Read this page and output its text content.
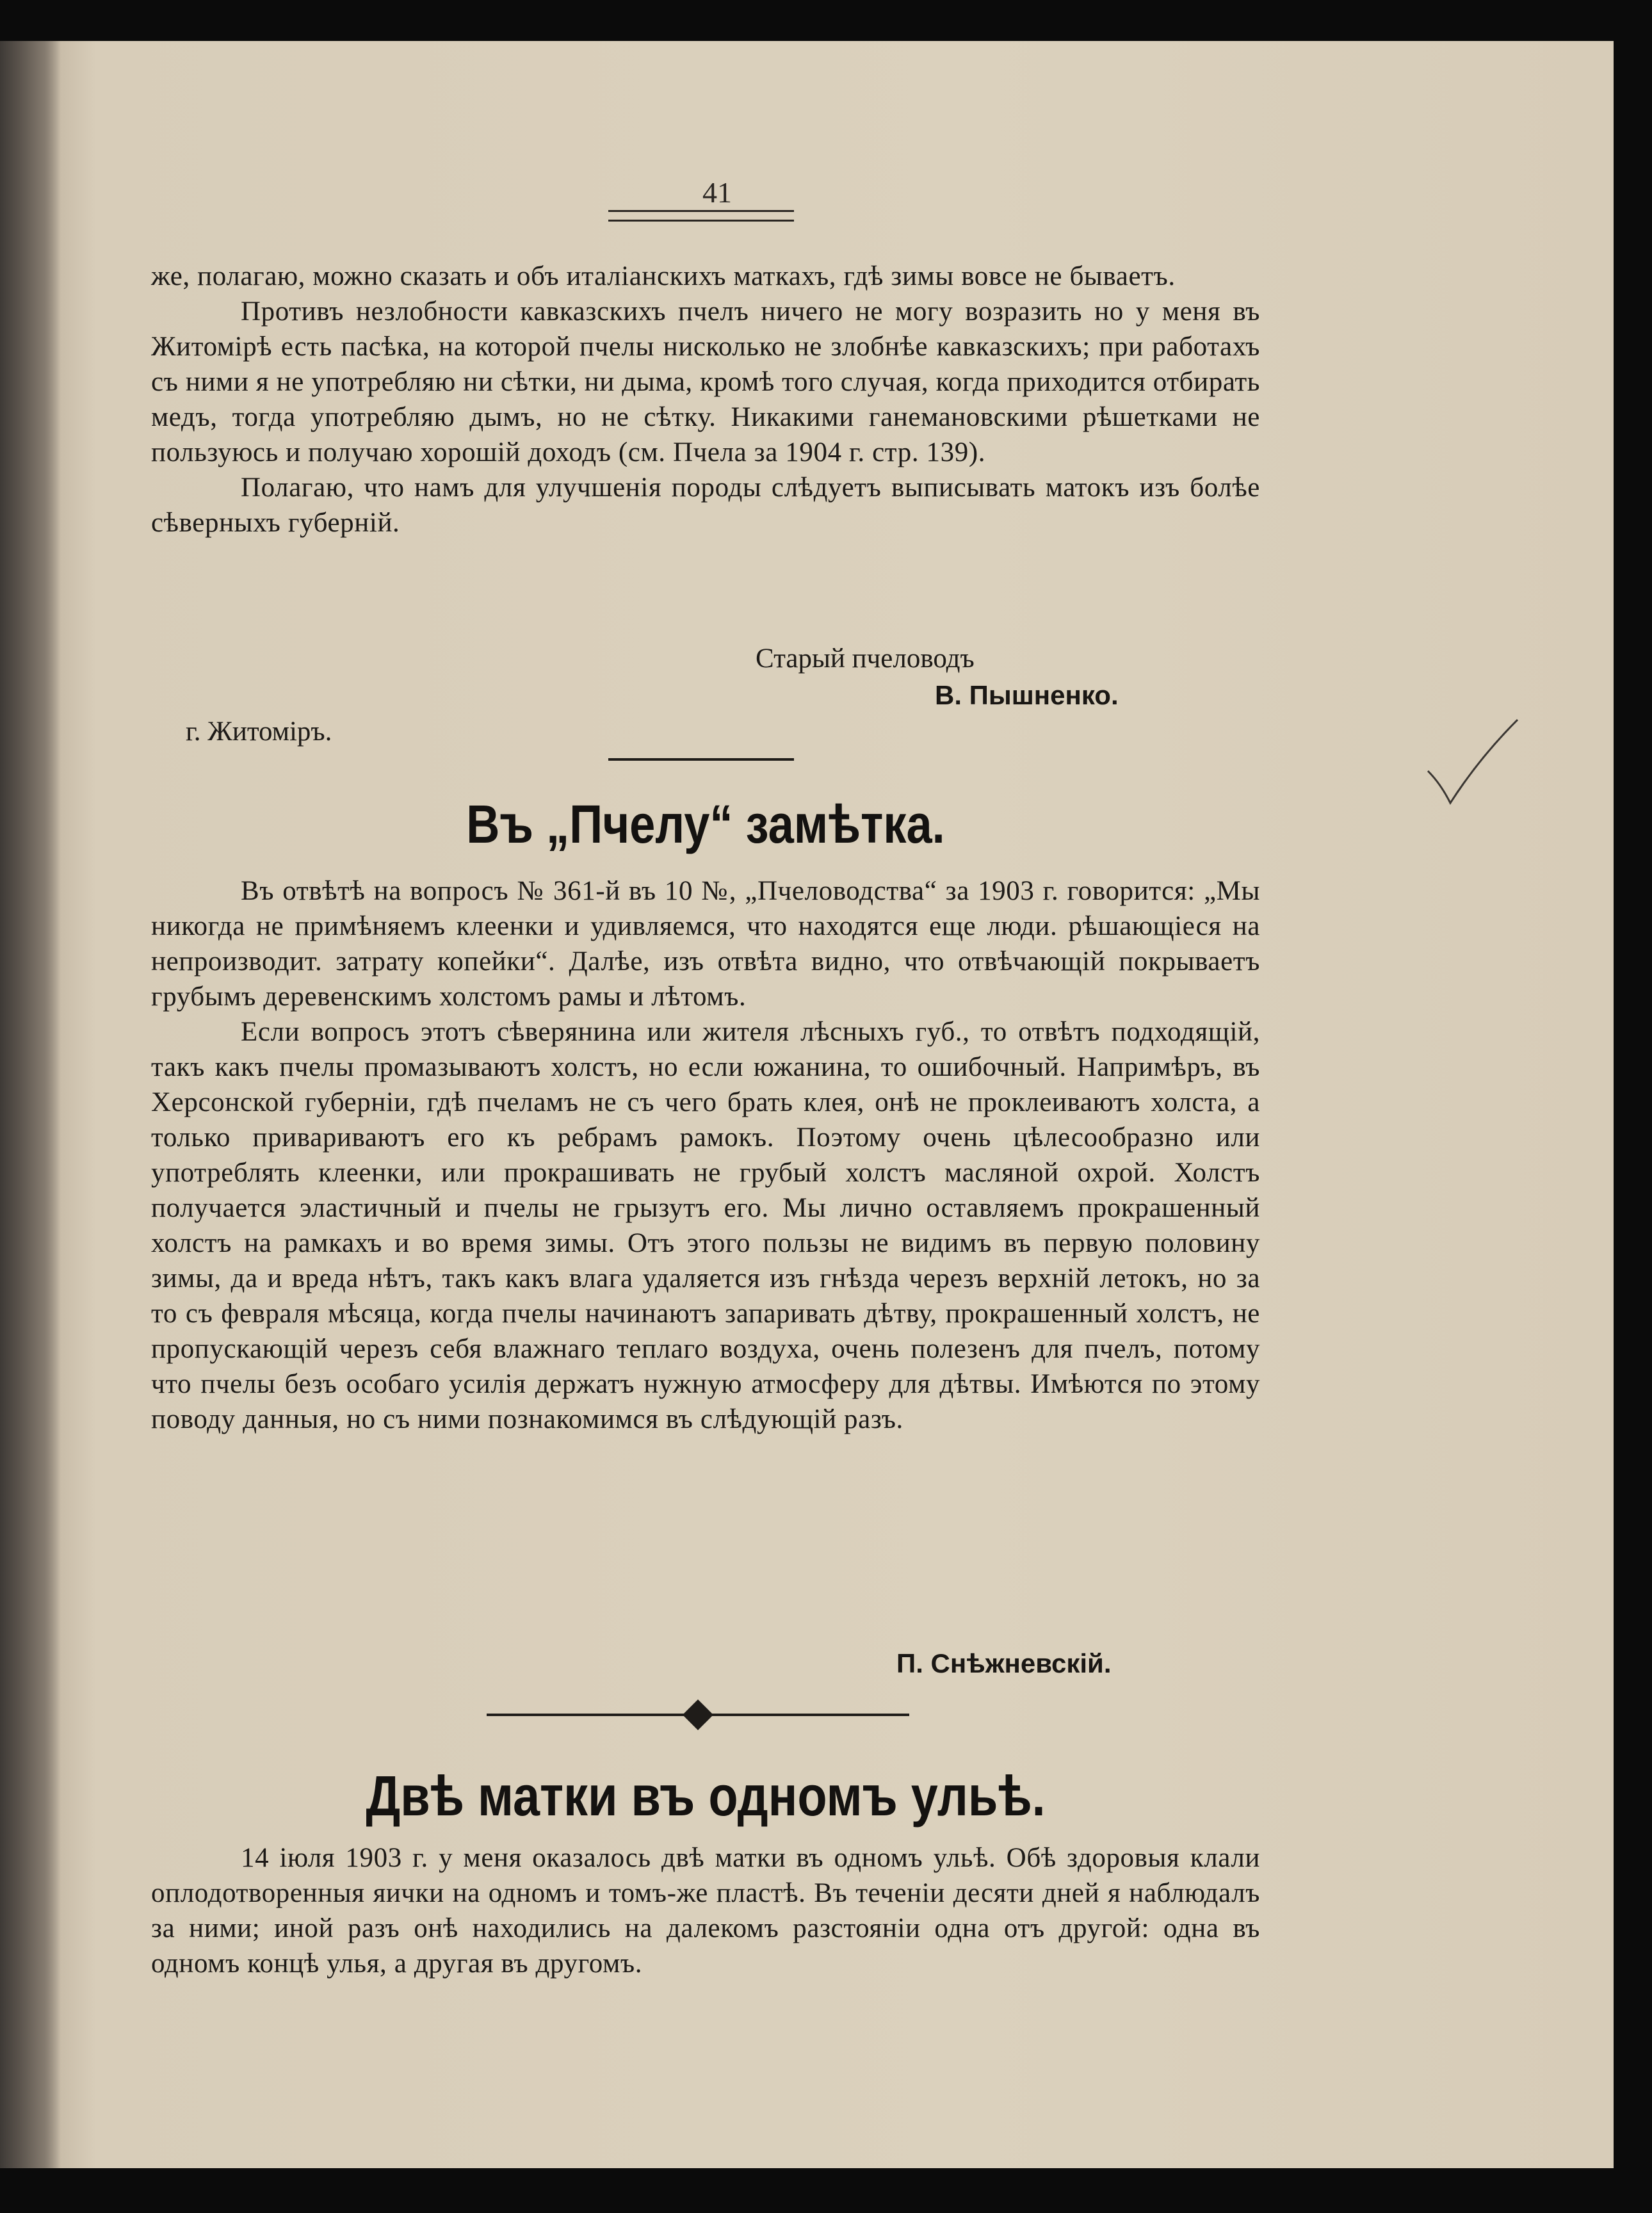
41

же, полагаю, можно сказать и объ италіанскихъ маткахъ, гдѣ зимы вовсе не бываетъ.

Противъ незлобности кавказскихъ пчелъ ничего не могу возразить но у меня въ Житомірѣ есть пасѣка, на которой пчелы нисколько не злобнѣе кавказскихъ; при работахъ съ ними я не употребляю ни сѣтки, ни дыма, кромѣ того случая, когда приходится отбирать медъ, тогда употребляю дымъ, но не сѣтку. Никакими ганемановскими рѣшетками не пользуюсь и получаю хорошій доходъ (см. Пчела за 1904 г. стр. 139).

Полагаю, что намъ для улучшенія породы слѣдуетъ выписывать матокъ изъ болѣе сѣверныхъ губерній.

Старый пчеловодъ
В. Пышненко.
г. Житоміръ.
Въ „Пчелу“ замѣтка.

Въ отвѣтѣ на вопросъ № 361-й въ 10 №, „Пчеловодства“ за 1903 г. говорится: „Мы никогда не примѣняемъ клеенки и удивляемся, что находятся еще люди. рѣшающіеся на непроизводит. затрату копейки“. Далѣе, изъ отвѣта видно, что отвѣчающій покрываетъ грубымъ деревенскимъ холстомъ рамы и лѣтомъ.

Если вопросъ этотъ сѣверянина или жителя лѣсныхъ губ., то отвѣтъ подходящій, такъ какъ пчелы промазываютъ холстъ, но если южанина, то ошибочный. Напримѣръ, въ Херсонской губерніи, гдѣ пчеламъ не съ чего брать клея, онѣ не проклеиваютъ холста, а только привариваютъ его къ ребрамъ рамокъ. Поэтому очень цѣлесообразно или употреблять клеенки, или прокрашивать не грубый холстъ масляной охрой. Холстъ получается эластичный и пчелы не грызутъ его. Мы лично оставляемъ прокрашенный холстъ на рамкахъ и во время зимы. Отъ этого пользы не видимъ въ первую половину зимы, да и вреда нѣтъ, такъ какъ влага удаляется изъ гнѣзда черезъ верхній летокъ, но за то съ февраля мѣсяца, когда пчелы начинаютъ запаривать дѣтву, прокрашенный холстъ, не пропускающій черезъ себя влажнаго теплаго воздуха, очень полезенъ для пчелъ, потому что пчелы безъ особаго усилія держатъ нужную атмосферу для дѣтвы. Имѣются по этому поводу данныя, но съ ними познакомимся въ слѣдующій разъ.

П. Снѣжневскій.
Двѣ матки въ одномъ ульѣ.

14 іюля 1903 г. у меня оказалось двѣ матки въ одномъ ульѣ. Обѣ здоровыя клали оплодотворенныя яички на одномъ и томъ-же пластѣ. Въ теченіи десяти дней я наблюдалъ за ними; иной разъ онѣ находились на далекомъ разстояніи одна отъ другой: одна въ одномъ концѣ улья, а другая въ другомъ.
